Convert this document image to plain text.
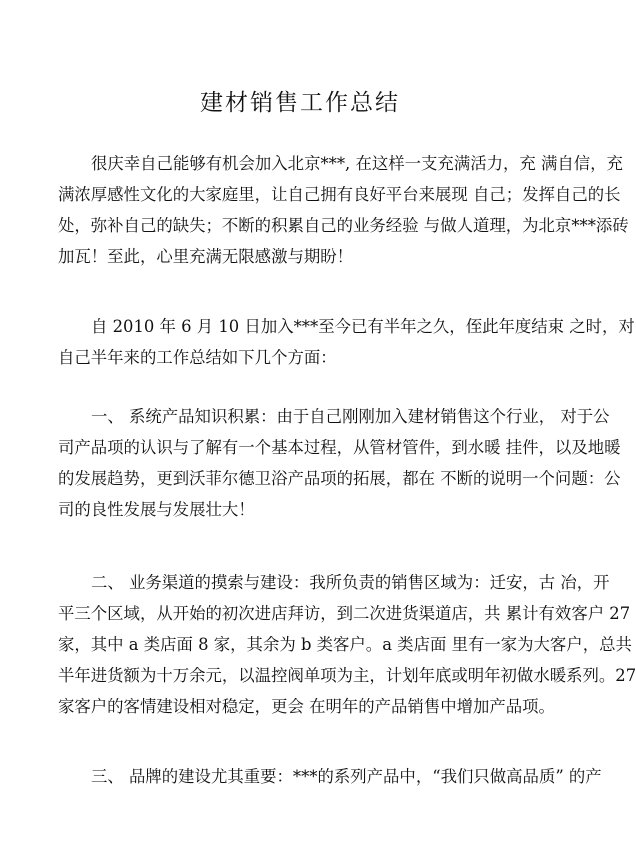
建材销售工作总结
很庆幸自己能够有机会加入北京***, 在这样一支充满活力，充 满自信，充
满浓厚感性文化的大家庭里，让自己拥有良好平台来展现 自己；发挥自己的长
处，弥补自己的缺失；不断的积累自己的业务经验 与做人道理，为北京***添砖
加瓦！至此，心里充满无限感激与期盼！
自 2010 年 6 月 10 日加入***至今已有半年之久，侄此年度结束 之时，对
自己半年来的工作总结如下几个方面：
一、 系统产品知识积累：由于自己刚刚加入建材销售这个行业， 对于公
司产品项的认识与了解有一个基本过程，从管材管件，到水暖 挂件，以及地暖
的发展趋势，更到沃菲尔德卫浴产品项的拓展，都在 不断的说明一个问题：公
司的良性发展与发展壮大！
二、 业务渠道的摸索与建设：我所负责的销售区域为：迁安，古 冶，开
平三个区域，从开始的初次进店拜访，到二次进货渠道店，共 累计有效客户 27
家，其中 a 类店面 8 家，其余为 b 类客户。a 类店面 里有一家为大客户，总共
半年进货额为十万余元，以温控阀单项为主，计划年底或明年初做水暖系列。27
家客户的客情建设相对稳定，更会 在明年的产品销售中增加产品项。
三、 品牌的建设尤其重要：***的系列产品中，“我们只做高品质” 的产
